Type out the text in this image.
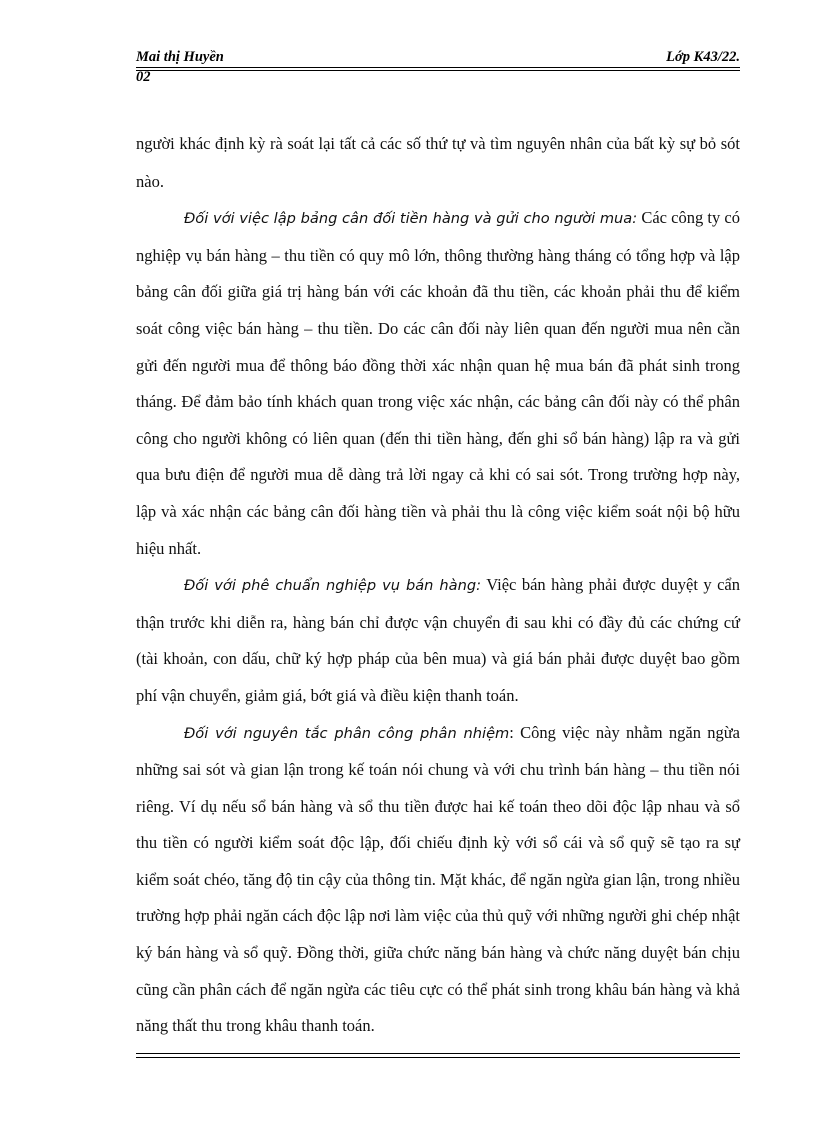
Mai thị Huyền	Lớp K43/22.
02

người khác định kỳ rà soát lại tất cả các số thứ tự và tìm nguyên nhân của bất kỳ sự bỏ sót nào.

Đối với việc lập bảng cân đối tiền hàng và gửi cho người mua: Các công ty có nghiệp vụ bán hàng – thu tiền có quy mô lớn, thông thường hàng tháng có tổng hợp và lập bảng cân đối giữa giá trị hàng bán với các khoản đã thu tiền, các khoản phải thu để kiểm soát công việc bán hàng – thu tiền. Do các cân đối này liên quan đến người mua nên cần gửi đến người mua để thông báo đồng thời xác nhận quan hệ mua bán đã phát sinh trong tháng. Để đảm bảo tính khách quan trong việc xác nhận, các bảng cân đối này có thể phân công cho người không có liên quan (đến thi tiền hàng, đến ghi sổ bán hàng) lập ra và gửi qua bưu điện để người mua dễ dàng trả lời ngay cả khi có sai sót. Trong trường hợp này, lập và xác nhận các bảng cân đối hàng tiền và phải thu là công việc kiểm soát nội bộ hữu hiệu nhất.

Đối với phê chuẩn nghiệp vụ bán hàng: Việc bán hàng phải được duyệt y cẩn thận trước khi diễn ra, hàng bán chỉ được vận chuyển đi sau khi có đầy đủ các chứng cứ (tài khoản, con dấu, chữ ký hợp pháp của bên mua) và giá bán phải được duyệt bao gồm phí vận chuyển, giảm giá, bớt giá và điều kiện thanh toán.

Đối với nguyên tắc phân công phân nhiệm: Công việc này nhằm ngăn ngừa những sai sót và gian lận trong kế toán nói chung và với chu trình bán hàng – thu tiền nói riêng. Ví dụ nếu sổ bán hàng và sổ thu tiền được hai kế toán theo dõi độc lập nhau và sổ thu tiền có người kiểm soát độc lập, đối chiếu định kỳ với sổ cái và sổ quỹ sẽ tạo ra sự kiểm soát chéo, tăng độ tin cậy của thông tin. Mặt khác, để ngăn ngừa gian lận, trong nhiều trường hợp phải ngăn cách độc lập nơi làm việc của thủ quỹ với những người ghi chép nhật ký bán hàng và sổ quỹ. Đồng thời, giữa chức năng bán hàng và chức năng duyệt bán chịu cũng cần phân cách để ngăn ngừa các tiêu cực có thể phát sinh trong khâu bán hàng và khả năng thất thu trong khâu thanh toán.
